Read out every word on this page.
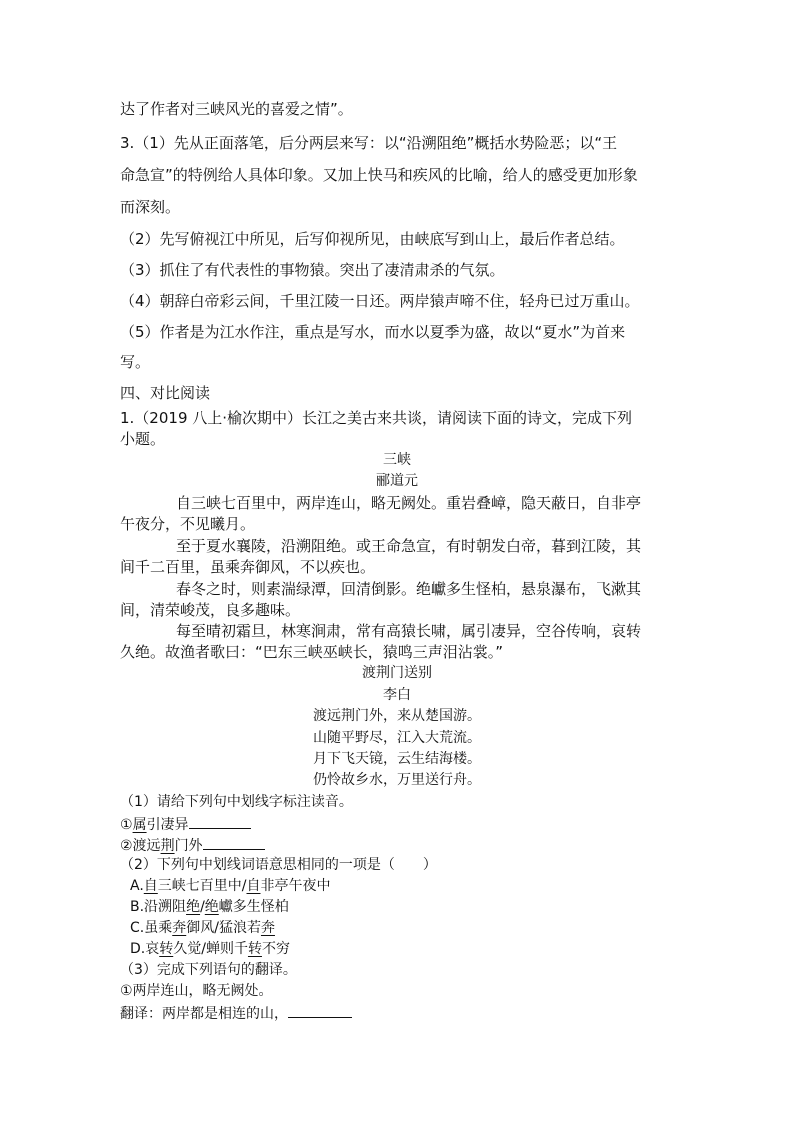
达了作者对三峡风光的喜爱之情”。
3.（1）先从正面落笔，后分两层来写：以“沿溯阻绝”概括水势险恶；以“王
命急宣”的特例给人具体印象。又加上快马和疾风的比喻，给人的感受更加形象
而深刻。
（2）先写俯视江中所见，后写仰视所见，由峡底写到山上，最后作者总结。
（3）抓住了有代表性的事物猿。突出了凄清肃杀的气氛。
（4）朝辞白帝彩云间，千里江陵一日还。两岸猿声啼不住，轻舟已过万重山。
（5）作者是为江水作注，重点是写水，而水以夏季为盛，故以“夏水”为首来
写。
四、对比阅读
1.（2019 八上·榆次期中）长江之美古来共谈，请阅读下面的诗文，完成下列
小题。
三峡
郦道元
自三峡七百里中，两岸连山，略无阙处。重岩叠嶂，隐天蔽日，自非亭
午夜分，不见曦月。
至于夏水襄陵，沿溯阻绝。或王命急宣，有时朝发白帝，暮到江陵，其
间千二百里，虽乘奔御风，不以疾也。
春冬之时，则素湍绿潭，回清倒影。绝巘多生怪柏，悬泉瀑布，飞漱其
间，清荣峻茂，良多趣味。
每至晴初霜旦，林寒涧肃，常有高猿长啸，属引凄异，空谷传响，哀转
久绝。故渔者歌曰：“巴东三峡巫峡长，猿鸣三声泪沾裳。”
渡荆门送别
李白
渡远荆门外，来从楚国游。
山随平野尽，江入大荒流。
月下飞天镜，云生结海楼。
仍怜故乡水，万里送行舟。
（1）请给下列句中划线字标注读音。
①属引凄异
②渡远荆门外
（2）下列句中划线词语意思相同的一项是（　　）
A.自三峡七百里中/自非亭午夜中
B.沿溯阻绝/绝巘多生怪柏
C.虽乘奔御风/猛浪若奔
D.哀转久觉/蝉则千转不穷
（3）完成下列语句的翻译。
①两岸连山，略无阙处。
翻译：两岸都是相连的山，
